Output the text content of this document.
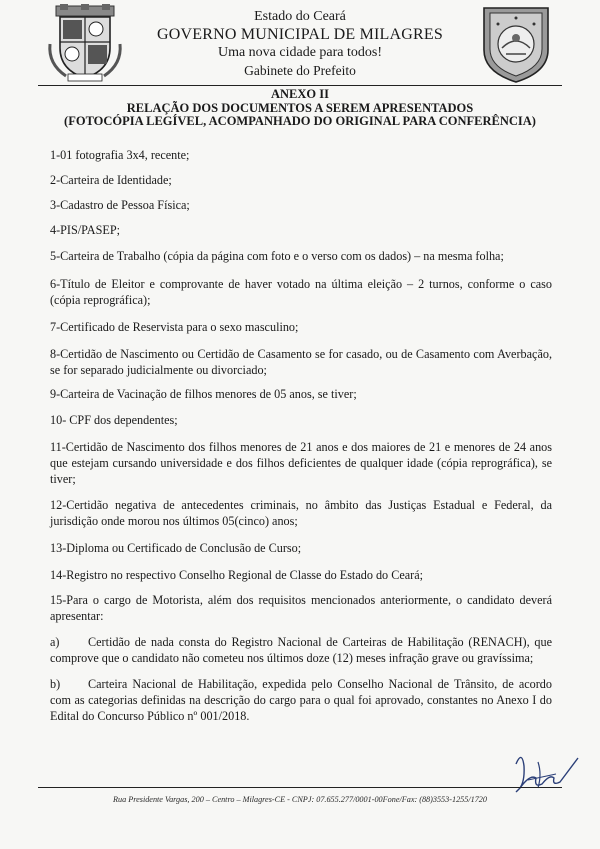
Estado do Ceará
GOVERNO MUNICIPAL DE MILAGRES
Uma nova cidade para todos!
Gabinete do Prefeito
ANEXO II
RELAÇÃO DOS DOCUMENTOS A SEREM APRESENTADOS
(FOTOCÓPIA LEGÍVEL, ACOMPANHADO DO ORIGINAL PARA CONFERÊNCIA)
1-01 fotografia 3x4, recente;
2-Carteira de Identidade;
3-Cadastro de Pessoa Física;
4-PIS/PASEP;
5-Carteira de Trabalho (cópia da página com foto e o verso com os dados) – na mesma folha;
6-Título de Eleitor e comprovante de haver votado na última eleição – 2 turnos, conforme o caso (cópia reprográfica);
7-Certificado de Reservista para o sexo masculino;
8-Certidão de Nascimento ou Certidão de Casamento se for casado, ou de Casamento com Averbação, se for separado judicialmente ou divorciado;
9-Carteira de Vacinação de filhos menores de 05 anos, se tiver;
10- CPF dos dependentes;
11-Certidão de Nascimento dos filhos menores de 21 anos e dos maiores de 21 e menores de 24 anos que estejam cursando universidade e dos filhos deficientes de qualquer idade (cópia reprográfica), se tiver;
12-Certidão negativa de antecedentes criminais, no âmbito das Justiças Estadual e Federal, da jurisdição onde morou nos últimos 05(cinco) anos;
13-Diploma ou Certificado de Conclusão de Curso;
14-Registro no respectivo Conselho Regional de Classe do Estado do Ceará;
15-Para o cargo de Motorista, além dos requisitos mencionados anteriormente, o candidato deverá apresentar:
a)	Certidão de nada consta do Registro Nacional de Carteiras de Habilitação (RENACH), que comprove que o candidato não cometeu nos últimos doze (12) meses infração grave ou gravíssima;
b)	Carteira Nacional de Habilitação, expedida pelo Conselho Nacional de Trânsito, de acordo com as categorias definidas na descrição do cargo para o qual foi aprovado, constantes no Anexo I do Edital do Concurso Público nº 001/2018.
Rua Presidente Vargas, 200 – Centro – Milagres-CE - CNPJ: 07.655.277/0001-00Fone/Fax: (88)3553-1255/1720
